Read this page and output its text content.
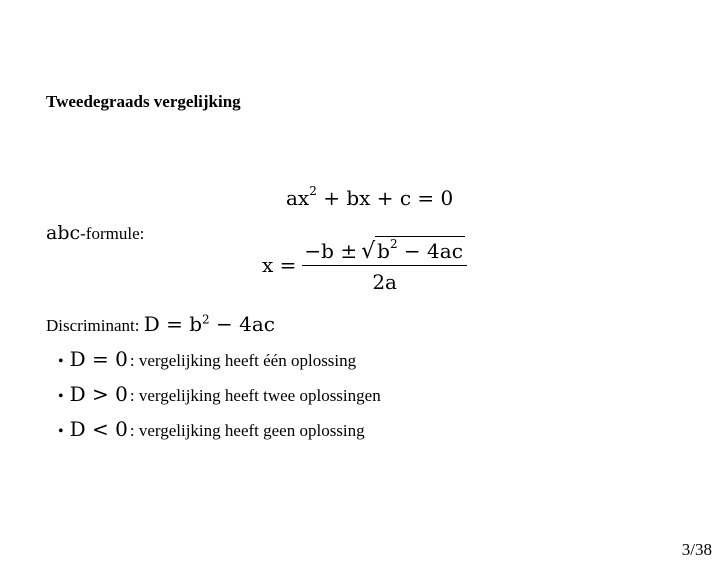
Tweedegraads vergelijking
$ax^2$ + bx + c = 0
abc-formule:
$x = \frac{-b \pm √ b^2 - 4ac}{2a}$
Discriminant: $D = b^2 - 4ac$
• D = 0 : vergelijking heeft één oplossing
• D > 0 : vergelijking heeft twee oplossingen
• D < 0 : vergelijking heeft geen oplossing
3/38
